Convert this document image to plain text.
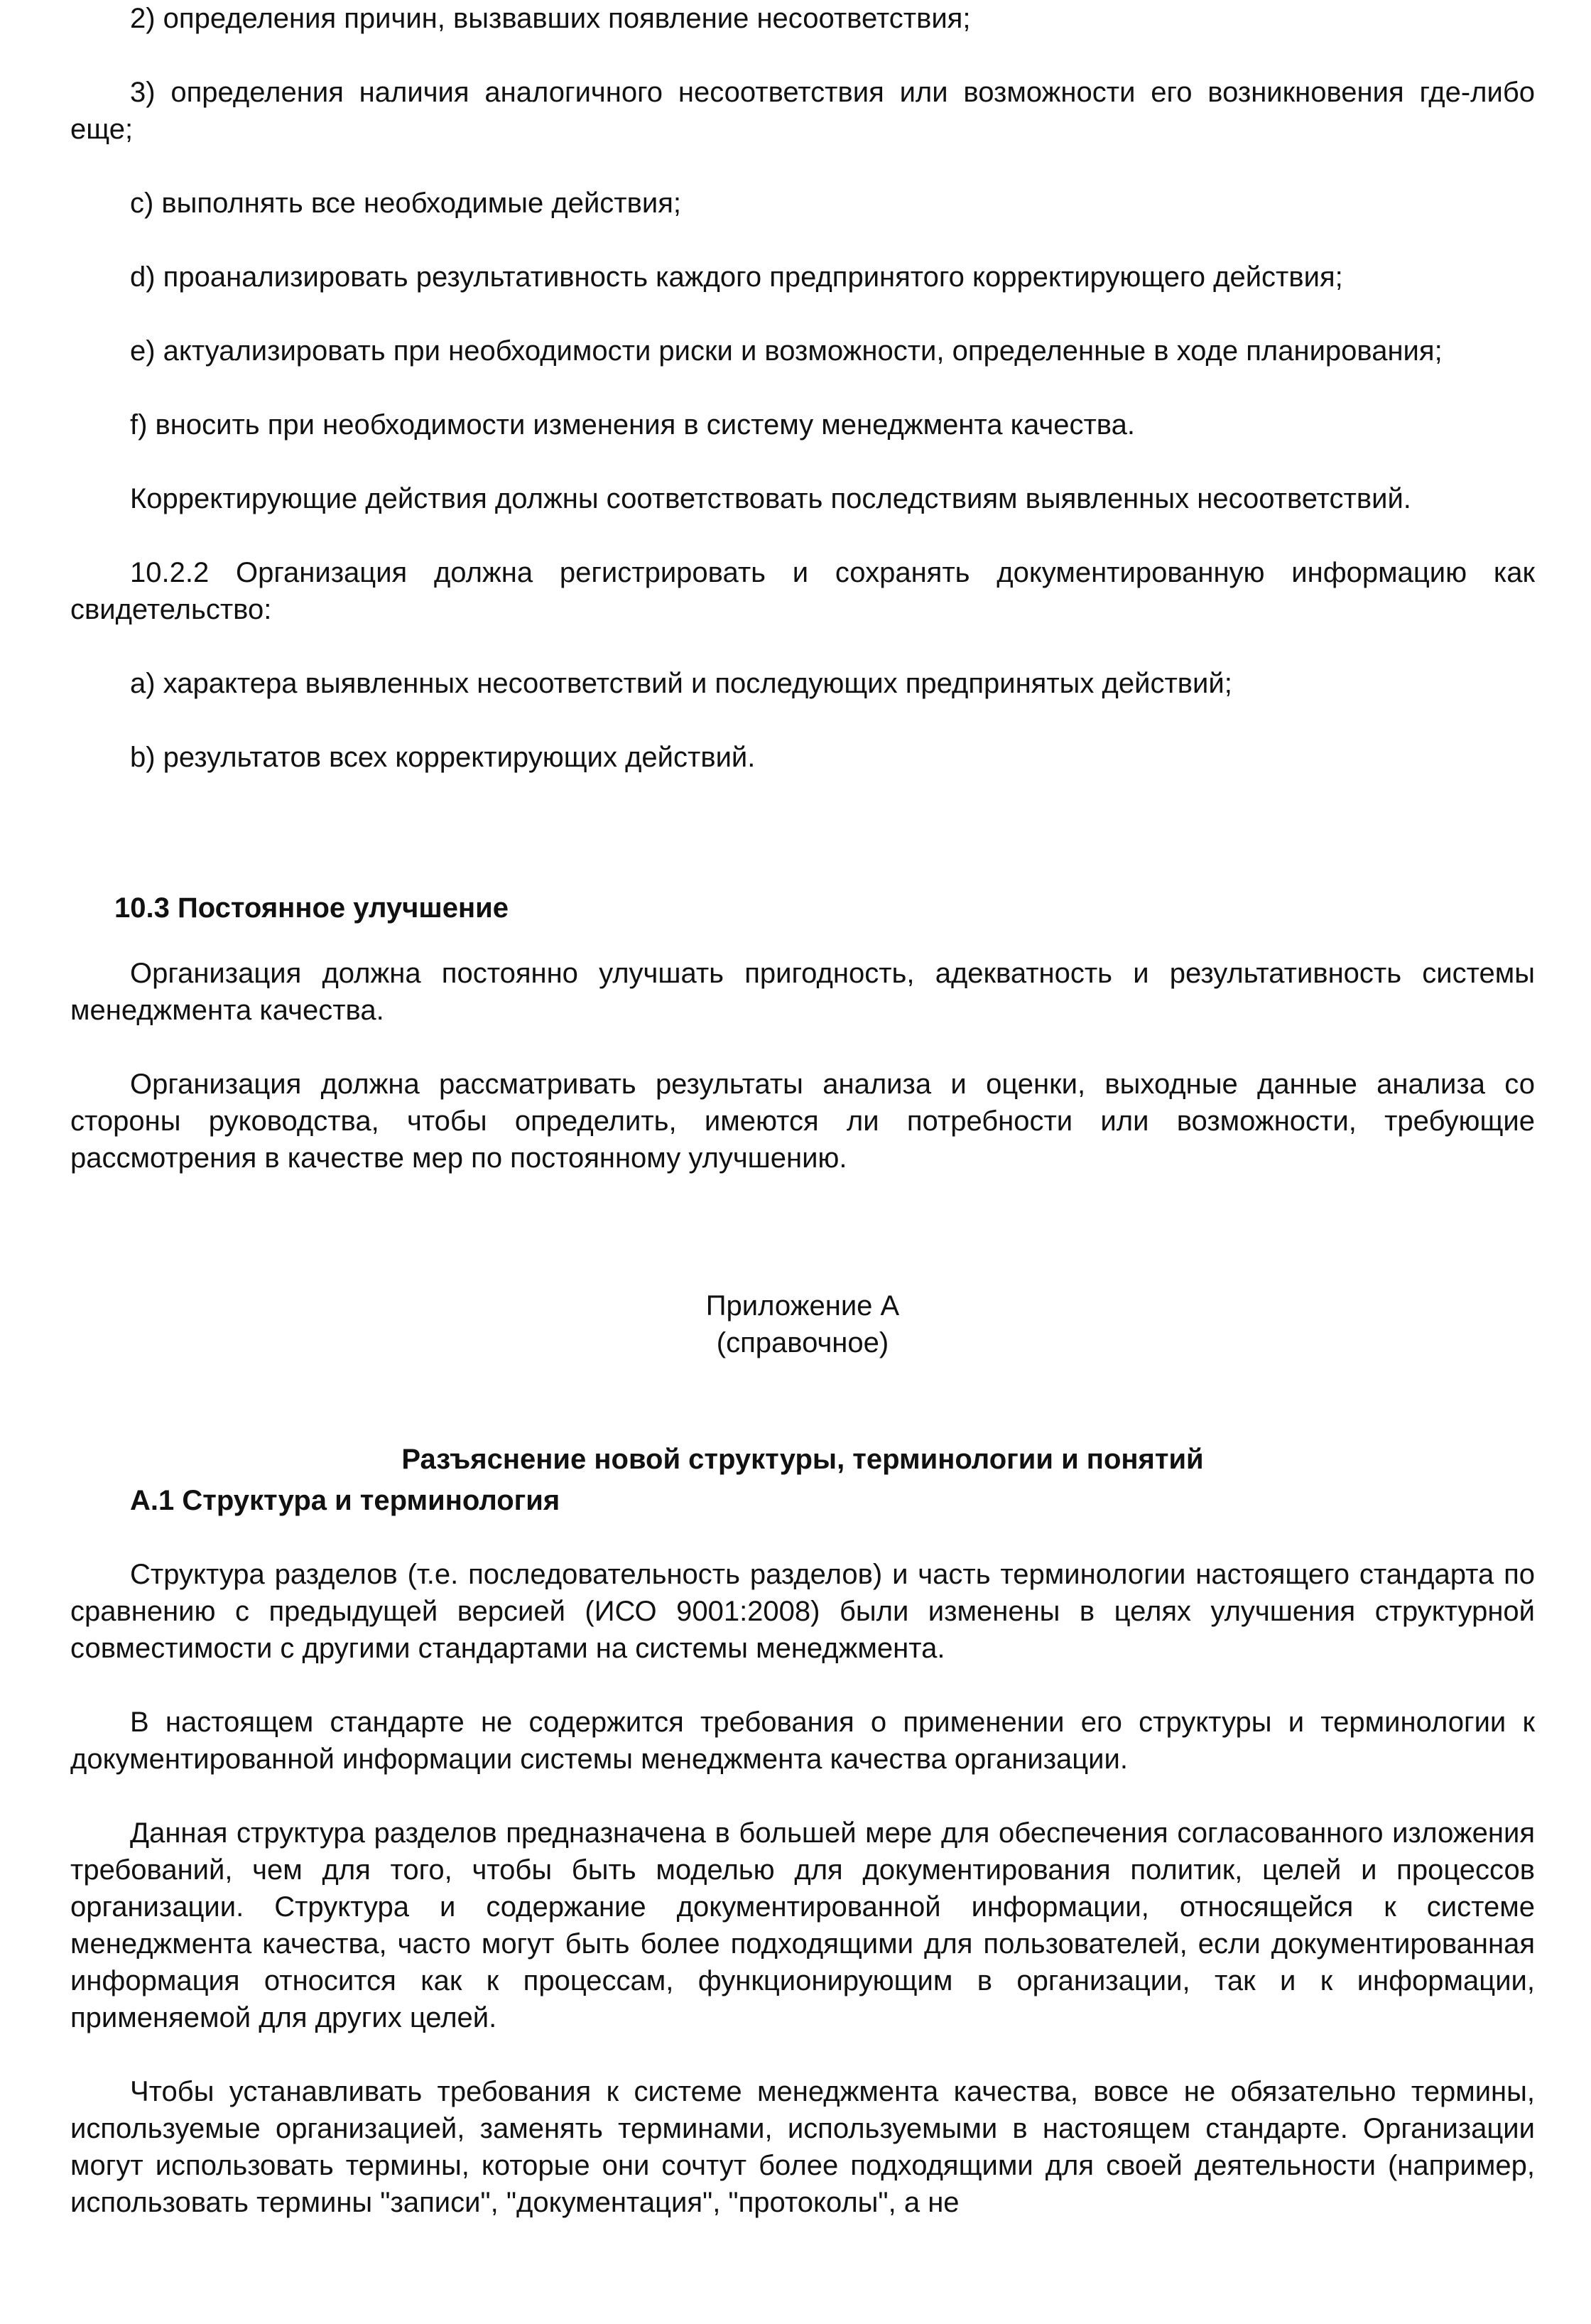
2) определения причин, вызвавших появление несоответствия;

3) определения наличия аналогичного несоответствия или возможности его возникновения где-либо еще;

c) выполнять все необходимые действия;

d) проанализировать результативность каждого предпринятого корректирующего действия;

e) актуализировать при необходимости риски и возможности, определенные в ходе планирования;

f) вносить при необходимости изменения в систему менеджмента качества.

Корректирующие действия должны соответствовать последствиям выявленных несоответствий.

10.2.2 Организация должна регистрировать и сохранять документированную информацию как свидетельство:

a) характера выявленных несоответствий и последующих предпринятых действий;

b) результатов всех корректирующих действий.

10.3 Постоянное улучшение

Организация должна постоянно улучшать пригодность, адекватность и результативность системы менеджмента качества.

Организация должна рассматривать результаты анализа и оценки, выходные данные анализа со стороны руководства, чтобы определить, имеются ли потребности или возможности, требующие рассмотрения в качестве мер по постоянному улучшению.

Приложение А

(справочное)

Разъяснение новой структуры, терминологии и понятий

А.1 Структура и терминология

Структура разделов (т.е. последовательность разделов) и часть терминологии настоящего стандарта по сравнению с предыдущей версией (ИСО 9001:2008) были изменены в целях улучшения структурной совместимости с другими стандартами на системы менеджмента.

В настоящем стандарте не содержится требования о применении его структуры и терминологии к документированной информации системы менеджмента качества организации.

Данная структура разделов предназначена в большей мере для обеспечения согласованного изложения требований, чем для того, чтобы быть моделью для документирования политик, целей и процессов организации. Структура и содержание документированной информации, относящейся к системе менеджмента качества, часто могут быть более подходящими для пользователей, если документированная информация относится как к процессам, функционирующим в организации, так и к информации, применяемой для других целей.

Чтобы устанавливать требования к системе менеджмента качества, вовсе не обязательно термины, используемые организацией, заменять терминами, используемыми в настоящем стандарте. Организации могут использовать термины, которые они сочтут более подходящими для своей деятельности (например, использовать термины "записи", "документация", "протоколы", а не
